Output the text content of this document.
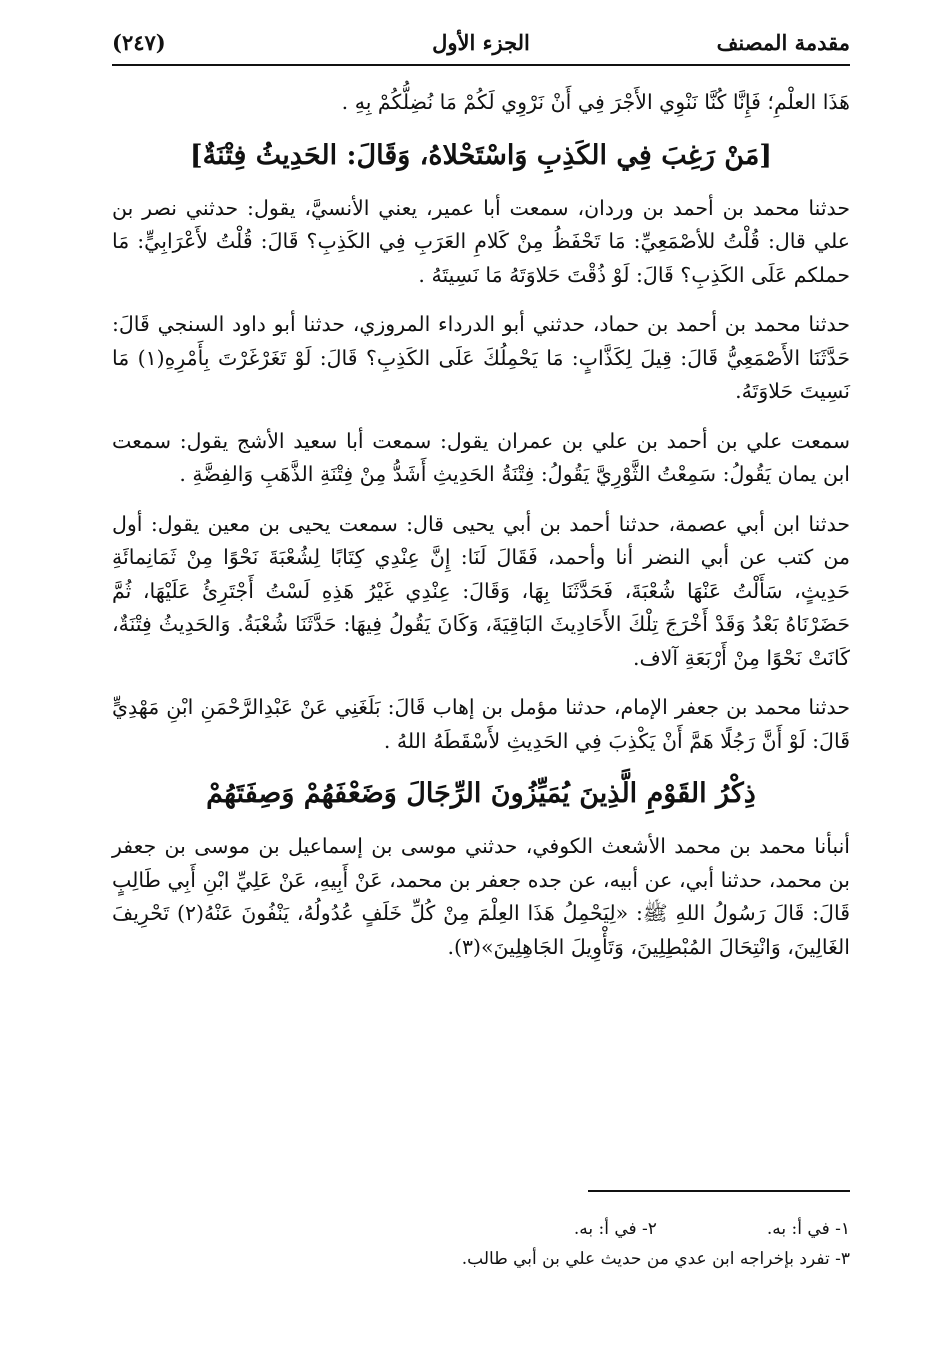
مقدمة المصنف
الجزء الأول
(٢٤٧)

هَذَا العلْمِ؛ فَإِنَّا كُنَّا نَنْوِي الأَجْرَ فِي أَنْ نَرْوِي لَكُمْ مَا نُضِلُّكُمْ بِهِ .

[مَنْ رَغِبَ فِي الكَذِبِ وَاسْتَحْلاهُ، وَقَالَ: الحَدِيثُ فِتْنَةٌ]

حدثنا محمد بن أحمد بن وردان، سمعت أبا عمير، يعني الأنسيَّ، يقول: حدثني نصر بن علي قال: قُلْتُ للأصْمَعِيِّ: مَا تَحْفَظُ مِنْ كَلامِ العَرَبِ فِي الكَذِبِ؟ قَالَ: قُلْتُ لأَعْرَابِيٍّ: مَا حملكم عَلَى الكَذِبِ؟ قَالَ: لَوْ ذُقْتَ حَلاوَتَهُ مَا نَسِيتَهُ .

حدثنا محمد بن أحمد بن حماد، حدثني أبو الدرداء المروزي، حدثنا أبو داود السنجي قَالَ: حَدَّثَنَا الأَصْمَعِيُّ قَالَ: قِيلَ لِكَذَّابٍ: مَا يَحْمِلُكَ عَلَى الكَذِبِ؟ قَالَ: لَوْ تَغَرْغَرْتَ بِأَمْرِهِ(١) مَا نَسِيتَ حَلاوَتَهُ.

سمعت علي بن أحمد بن علي بن عمران يقول: سمعت أبا سعيد الأشج يقول: سمعت ابن يمان يَقُولُ: سَمِعْتُ الثَّوْرِيَّ يَقُولُ: فِتْنَةُ الحَدِيثِ أَشَدُّ مِنْ فِتْنَةِ الذَّهَبِ وَالفِضَّةِ .

حدثنا ابن أبي عصمة، حدثنا أحمد بن أبي يحيى قال: سمعت يحيى بن معين يقول: أول من كتب عن أبي النضر أنا وأحمد، فَقَالَ لَنَا: إِنَّ عِنْدِي كِتَابًا لِشُعْبَةَ نَحْوًا مِنْ ثَمَانِمائَةِ حَدِيثٍ، سَأَلْتُ عَنْهَا شُعْبَةَ، فَحَدَّثَنَا بِهَا، وَقَالَ: عِنْدِي غَيْرُ هَذِهِ لَسْتُ أَجْتَرِئُ عَلَيْهَا، ثُمَّ حَضَرْنَاهُ بَعْدُ وَقَدْ أَخْرَجَ تِلْكَ الأَحَادِيثَ البَاقِيَةَ، وَكَانَ يَقُولُ فِيهَا: حَدَّثَنَا شُعْبَةُ. وَالحَدِيثُ فِتْنَةٌ، كَانَتْ نَحْوًا مِنْ أَرْبَعَةِ آلاف.

حدثنا محمد بن جعفر الإمام، حدثنا مؤمل بن إهاب قَالَ: بَلَغَنِي عَنْ عَبْدِالرَّحْمَنِ ابْنِ مَهْدِيٍّ قَالَ: لَوْ أَنَّ رَجُلًا هَمَّ أَنْ يَكْذِبَ فِي الحَدِيثِ لأَسْقَطَهُ اللهُ .

ذِكْرُ القَوْمِ الَّذِينَ يُمَيِّزُونَ الرِّجَالَ وَضَعْفَهُمْ وَصِفَتَهُمْ

أنبأنا محمد بن محمد الأشعث الكوفي، حدثني موسى بن إسماعيل بن موسى بن جعفر بن محمد، حدثنا أبي، عن أبيه، عن جده جعفر بن محمد، عَنْ أَبِيهِ، عَنْ عَلِيِّ ابْنِ أَبِي طَالِبٍ قَالَ: قَالَ رَسُولُ اللهِ ﷺ: «لِيَحْمِلُ هَذَا العِلْمَ مِنْ كُلِّ خَلَفٍ عُدُولُهُ، يَنْفُونَ عَنْهُ(٢) تَحْرِيفَ الغَالِينَ، وَانْتِحَالَ المُبْطِلِينَ، وَتَأْوِيلَ الجَاهِلِينَ»(٣).

١- في أ: به.
٢- في أ: به.
٣- تفرد بإخراجه ابن عدي من حديث علي بن أبي طالب.
